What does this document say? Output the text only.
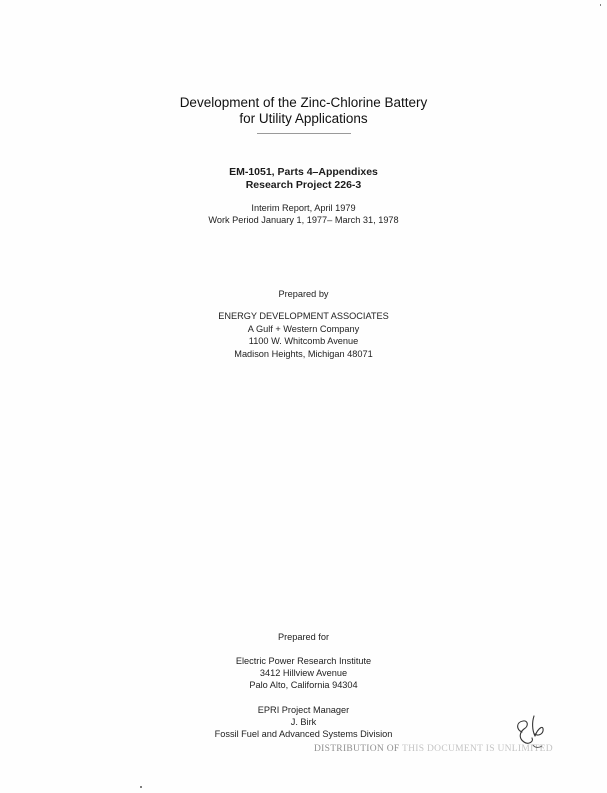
Development of the Zinc-Chlorine Battery
for Utility Applications
EM-1051, Parts 4–Appendixes
Research Project 226-3
Interim Report, April 1979
Work Period January 1, 1977– March 31, 1978
Prepared by
ENERGY DEVELOPMENT ASSOCIATES
A Gulf + Western Company
1100 W. Whitcomb Avenue
Madison Heights, Michigan 48071
Prepared for
Electric Power Research Institute
3412 Hillview Avenue
Palo Alto, California 94304
EPRI Project Manager
J. Birk
Fossil Fuel and Advanced Systems Division
DISTRIBUTION OF THIS DOCUMENT IS UNLIMITED
